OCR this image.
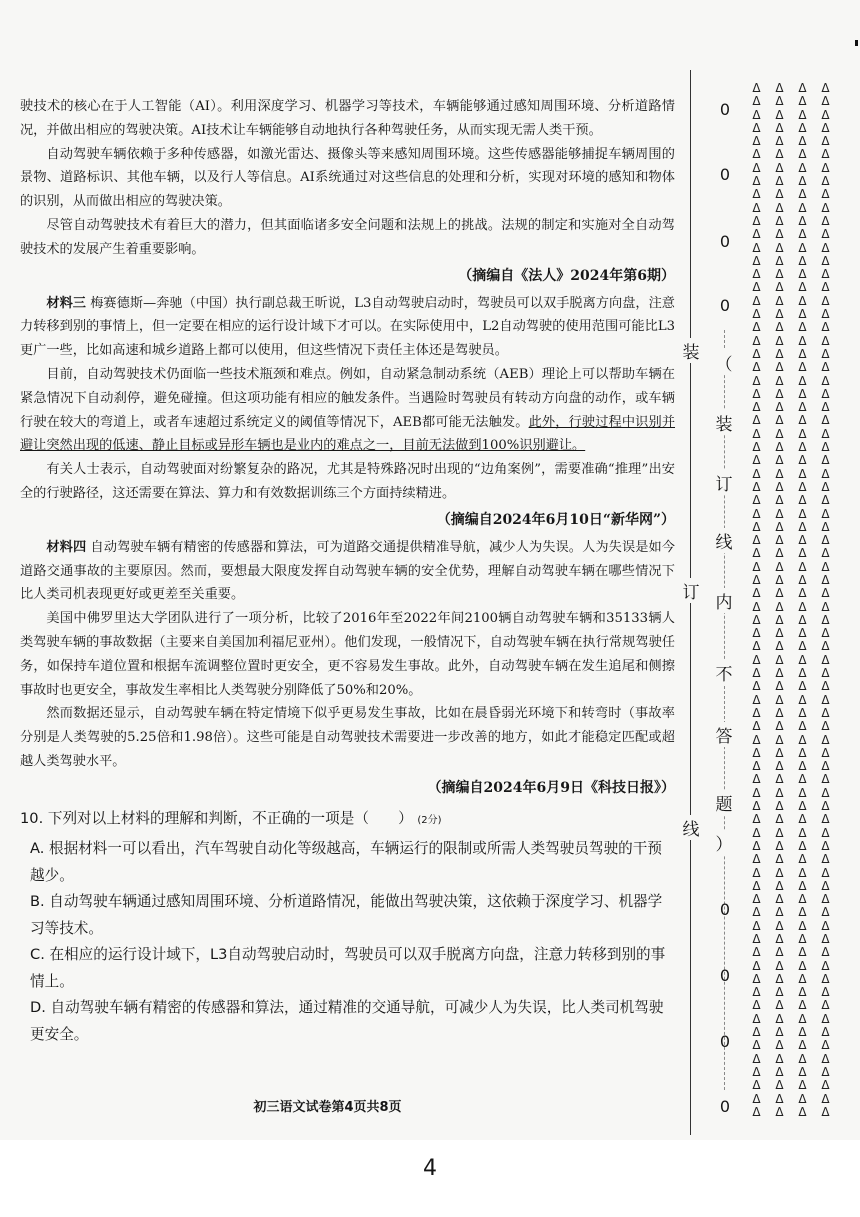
驶技术的核心在于人工智能（AI）。利用深度学习、机器学习等技术，车辆能够通过感知周围环境、分析道路情况，并做出相应的驾驶决策。AI技术让车辆能够自动地执行各种驾驶任务，从而实现无需人类干预。

自动驾驶车辆依赖于多种传感器，如激光雷达、摄像头等来感知周围环境。这些传感器能够捕捉车辆周围的景物、道路标识、其他车辆，以及行人等信息。AI系统通过对这些信息的处理和分析，实现对环境的感知和物体的识别，从而做出相应的驾驶决策。

尽管自动驾驶技术有着巨大的潜力，但其面临诸多安全问题和法规上的挑战。法规的制定和实施对全自动驾驶技术的发展产生着重要影响。

（摘编自《法人》2024年第6期）

材料三 梅赛德斯—奔驰（中国）执行副总裁王昕说，L3自动驾驶启动时，驾驶员可以双手脱离方向盘，注意力转移到别的事情上，但一定要在相应的运行设计域下才可以。在实际使用中，L2自动驾驶的使用范围可能比L3更广一些，比如高速和城乡道路上都可以使用，但这些情况下责任主体还是驾驶员。

目前，自动驾驶技术仍面临一些技术瓶颈和难点。例如，自动紧急制动系统（AEB）理论上可以帮助车辆在紧急情况下自动刹停，避免碰撞。但这项功能有相应的触发条件。当遇险时驾驶员有转动方向盘的动作，或车辆行驶在较大的弯道上，或者车速超过系统定义的阈值等情况下，AEB都可能无法触发。此外，行驶过程中识别并避让突然出现的低速、静止目标或异形车辆也是业内的难点之一，目前无法做到100%识别避让。

有关人士表示，自动驾驶面对纷繁复杂的路况，尤其是特殊路况时出现的“边角案例”，需要准确“推理”出安全的行驶路径，这还需要在算法、算力和有效数据训练三个方面持续精进。

（摘编自2024年6月10日“新华网”）

材料四 自动驾驶车辆有精密的传感器和算法，可为道路交通提供精准导航，减少人为失误。人为失误是如今道路交通事故的主要原因。然而，要想最大限度发挥自动驾驶车辆的安全优势，理解自动驾驶车辆在哪些情况下比人类司机表现更好或更差至关重要。

美国中佛罗里达大学团队进行了一项分析，比较了2016年至2022年间2100辆自动驾驶车辆和35133辆人类驾驶车辆的事故数据（主要来自美国加利福尼亚州）。他们发现，一般情况下，自动驾驶车辆在执行常规驾驶任务，如保持车道位置和根据车流调整位置时更安全，更不容易发生事故。此外，自动驾驶车辆在发生追尾和侧擦事故时也更安全，事故发生率相比人类驾驶分别降低了50%和20%。

然而数据还显示，自动驾驶车辆在特定情境下似乎更易发生事故，比如在晨昏弱光环境下和转弯时（事故率分别是人类驾驶的5.25倍和1.98倍）。这些可能是自动驾驶技术需要进一步改善的地方，如此才能稳定匹配或超越人类驾驶水平。

（摘编自2024年6月9日《科技日报》）

10. 下列对以上材料的理解和判断，不正确的一项是（　　） (2分)

A. 根据材料一可以看出，汽车驾驶自动化等级越高，车辆运行的限制或所需人类驾驶员驾驶的干预越少。

B. 自动驾驶车辆通过感知周围环境、分析道路情况，能做出驾驶决策，这依赖于深度学习、机器学习等技术。

C. 在相应的运行设计域下，L3自动驾驶启动时，驾驶员可以双手脱离方向盘，注意力转移到别的事情上。

D. 自动驾驶车辆有精密的传感器和算法，通过精准的交通导航，可减少人为失误，比人类司机驾驶更安全。

初三语文试卷第4页共8页
装
订
线
（
装
订
线
内
不
答
题
）
0
0
0
0
0
0
0
0
Δ	Δ	Δ	Δ
Δ	Δ	Δ	Δ
Δ	Δ	Δ	Δ
Δ	Δ	Δ	Δ
Δ	Δ	Δ	Δ
Δ	Δ	Δ	Δ
Δ	Δ	Δ	Δ
Δ	Δ	Δ	Δ
Δ	Δ	Δ	Δ
Δ	Δ	Δ	Δ
Δ	Δ	Δ	Δ
Δ	Δ	Δ	Δ
Δ	Δ	Δ	Δ
Δ	Δ	Δ	Δ
Δ	Δ	Δ	Δ
Δ	Δ	Δ	Δ
Δ	Δ	Δ	Δ
Δ	Δ	Δ	Δ
Δ	Δ	Δ	Δ
Δ	Δ	Δ	Δ
Δ	Δ	Δ	Δ
Δ	Δ	Δ	Δ
Δ	Δ	Δ	Δ
Δ	Δ	Δ	Δ
Δ	Δ	Δ	Δ
Δ	Δ	Δ	Δ
Δ	Δ	Δ	Δ
Δ	Δ	Δ	Δ
Δ	Δ	Δ	Δ
Δ	Δ	Δ	Δ
Δ	Δ	Δ	Δ
Δ	Δ	Δ	Δ
Δ	Δ	Δ	Δ
Δ	Δ	Δ	Δ
Δ	Δ	Δ	Δ
Δ	Δ	Δ	Δ
Δ	Δ	Δ	Δ
Δ	Δ	Δ	Δ
Δ	Δ	Δ	Δ
Δ	Δ	Δ	Δ
Δ	Δ	Δ	Δ
Δ	Δ	Δ	Δ
Δ	Δ	Δ	Δ
Δ	Δ	Δ	Δ
Δ	Δ	Δ	Δ
Δ	Δ	Δ	Δ
Δ	Δ	Δ	Δ
Δ	Δ	Δ	Δ
Δ	Δ	Δ	Δ
Δ	Δ	Δ	Δ
Δ	Δ	Δ	Δ
Δ	Δ	Δ	Δ
Δ	Δ	Δ	Δ
Δ	Δ	Δ	Δ
Δ	Δ	Δ	Δ
Δ	Δ	Δ	Δ
Δ	Δ	Δ	Δ
Δ	Δ	Δ	Δ
Δ	Δ	Δ	Δ
Δ	Δ	Δ	Δ
Δ	Δ	Δ	Δ
Δ	Δ	Δ	Δ
Δ	Δ	Δ	Δ
Δ	Δ	Δ	Δ
Δ	Δ	Δ	Δ
Δ	Δ	Δ	Δ
Δ	Δ	Δ	Δ
Δ	Δ	Δ	Δ
Δ	Δ	Δ	Δ
Δ	Δ	Δ	Δ
Δ	Δ	Δ	Δ
Δ	Δ	Δ	Δ
Δ	Δ	Δ	Δ
Δ	Δ	Δ	Δ
Δ	Δ	Δ	Δ
Δ	Δ	Δ	Δ
Δ	Δ	Δ	Δ
Δ	Δ	Δ	Δ
4
